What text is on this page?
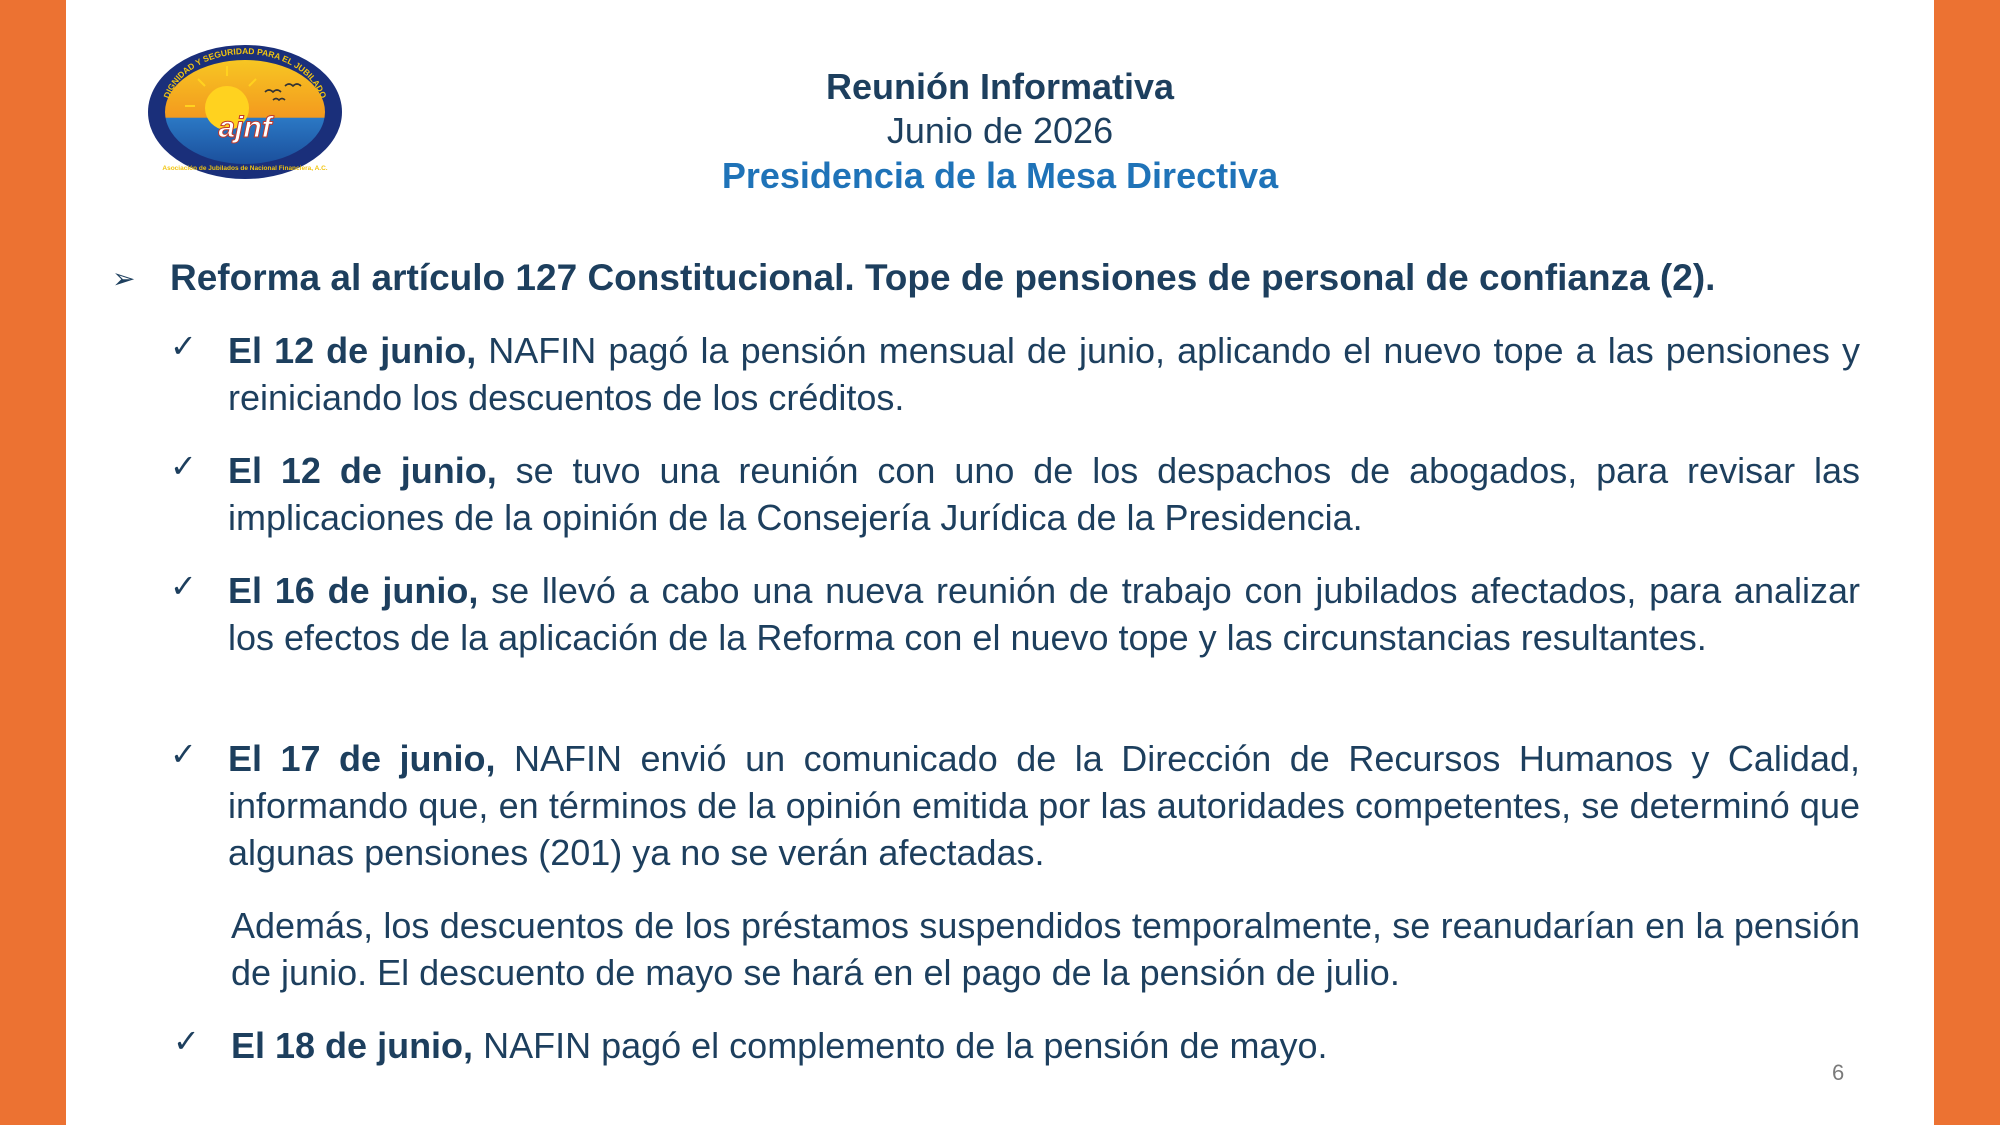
ajnf
DIGNIDAD Y SEGURIDAD PARA EL JUBILADO
Asociación de Jubilados de Nacional Financiera, A.C.
Reunión Informativa
Junio de 2026
Presidencia de la Mesa Directiva
➢ Reforma al artículo 127 Constitucional. Tope de pensiones de personal de confianza (2).
✓ El 12 de junio, NAFIN pagó la pensión mensual de junio, aplicando el nuevo tope a las pensiones y reiniciando los descuentos de los créditos.
✓ El 12 de junio, se tuvo una reunión con uno de los despachos de abogados, para revisar las implicaciones de la opinión de la Consejería Jurídica de la Presidencia.
✓ El 16 de junio, se llevó a cabo una nueva reunión de trabajo con jubilados afectados, para analizar los efectos de la aplicación de la Reforma con el nuevo tope y las circunstancias resultantes.
✓ El 17 de junio, NAFIN envió un comunicado de la Dirección de Recursos Humanos y Calidad, informando que, en términos de la opinión emitida por las autoridades competentes, se determinó que algunas pensiones (201) ya no se verán afectadas.
Además, los descuentos de los préstamos suspendidos temporalmente, se reanudarían en la pensión de junio. El descuento de mayo se hará en el pago de la pensión de julio.
✓ El 18 de junio, NAFIN pagó el complemento de la pensión de mayo.
6
